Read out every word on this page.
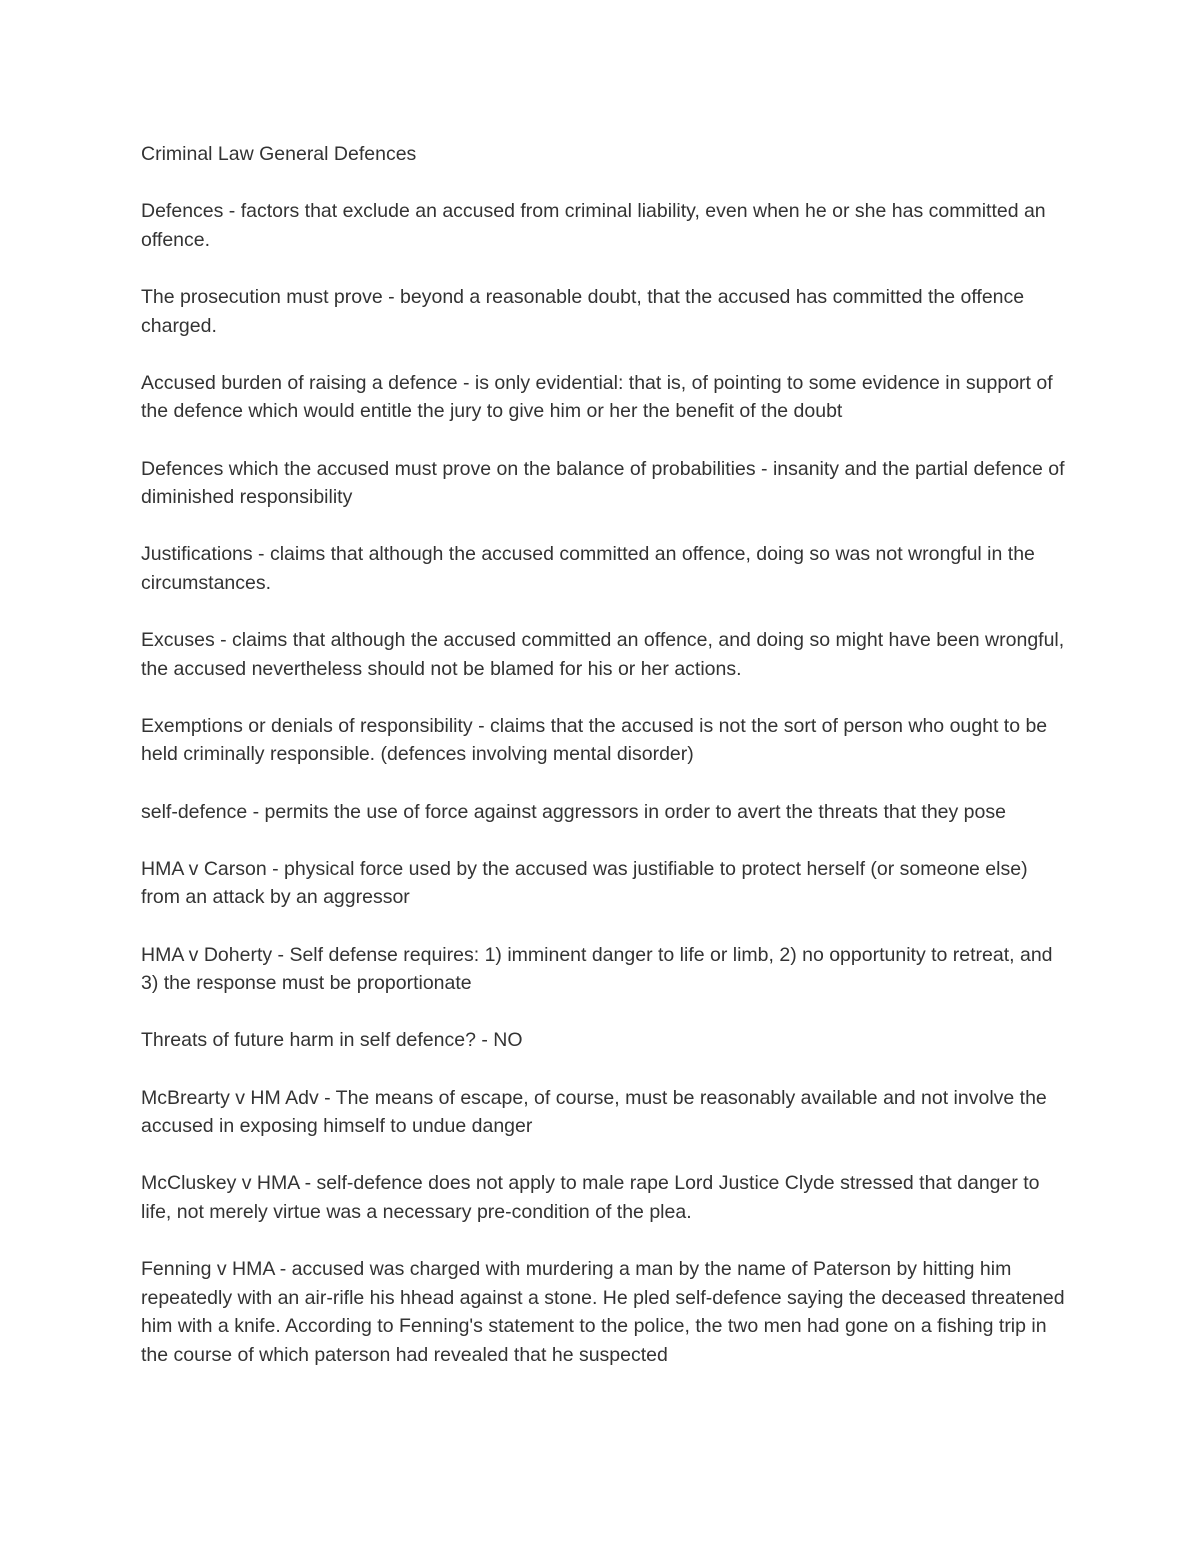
Criminal Law General Defences
Defences - factors that exclude an accused from criminal liability, even when he or she has committed an offence.
The prosecution must prove - beyond a reasonable doubt, that the accused has committed the offence charged.
Accused burden of raising a defence - is only evidential: that is, of pointing to some evidence in support of the defence which would entitle the jury to give him or her the benefit of the doubt
Defences which the accused must prove on the balance of probabilities - insanity and the partial defence of diminished responsibility
Justifications - claims that although the accused committed an offence, doing so was not wrongful in the circumstances.
Excuses - claims that although the accused committed an offence, and doing so might have been wrongful, the accused nevertheless should not be blamed for his or her actions.
Exemptions or denials of responsibility - claims that the accused is not the sort of person who ought to be held criminally responsible. (defences involving mental disorder)
self-defence - permits the use of force against aggressors in order to avert the threats that they pose
HMA v Carson - physical force used by the accused was justifiable to protect herself (or someone else) from an attack by an aggressor
HMA v Doherty - Self defense requires: 1) imminent danger to life or limb, 2) no opportunity to retreat, and 3) the response must be proportionate
Threats of future harm in self defence? - NO
McBrearty v HM Adv - The means of escape, of course, must be reasonably available and not involve the accused in exposing himself to undue danger
McCluskey v HMA - self-defence does not apply to male rape Lord Justice Clyde stressed that danger to life, not merely virtue was a necessary pre-condition of the plea.
Fenning v HMA - accused was charged with murdering a man by the name of Paterson by hitting him repeatedly with an air-rifle his hhead against a stone. He pled self-defence saying the deceased threatened him with a knife. According to Fenning's statement to the police, the two men had gone on a fishing trip in the course of which paterson had revealed that he suspected
